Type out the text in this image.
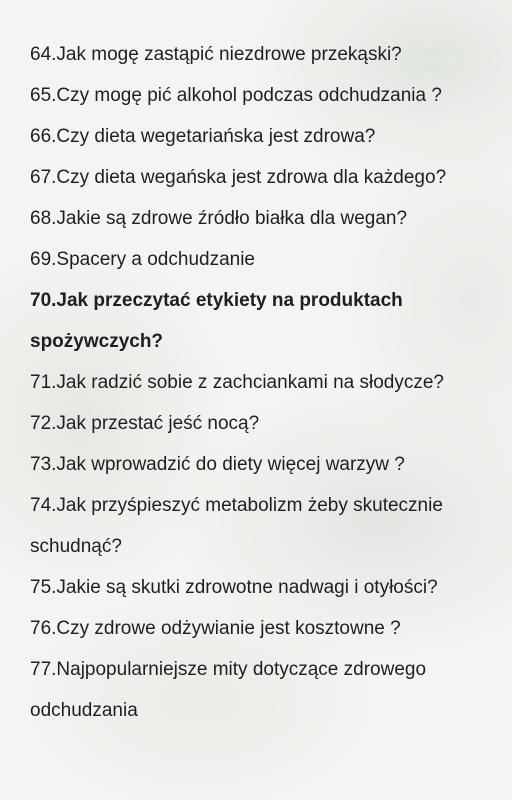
64.Jak mogę zastąpić niezdrowe przekąski?
65.Czy mogę pić alkohol podczas odchudzania ?
66.Czy dieta wegetariańska jest zdrowa?
67.Czy dieta wegańska jest zdrowa dla każdego?
68.Jakie są zdrowe źródło białka dla wegan?
69.Spacery a odchudzanie
70.Jak przeczytać etykiety na produktach
spożywczych?
71.Jak radzić sobie z zachciankami na słodycze?
72.Jak przestać jeść nocą?
73.Jak wprowadzić do diety więcej warzyw ?
74.Jak przyśpieszyć metabolizm żeby skutecznie
schudnąć?
75.Jakie są skutki zdrowotne nadwagi i otyłości?
76.Czy zdrowe odżywianie jest kosztowne ?
77.Najpopularniejsze mity dotyczące zdrowego
odchudzania
